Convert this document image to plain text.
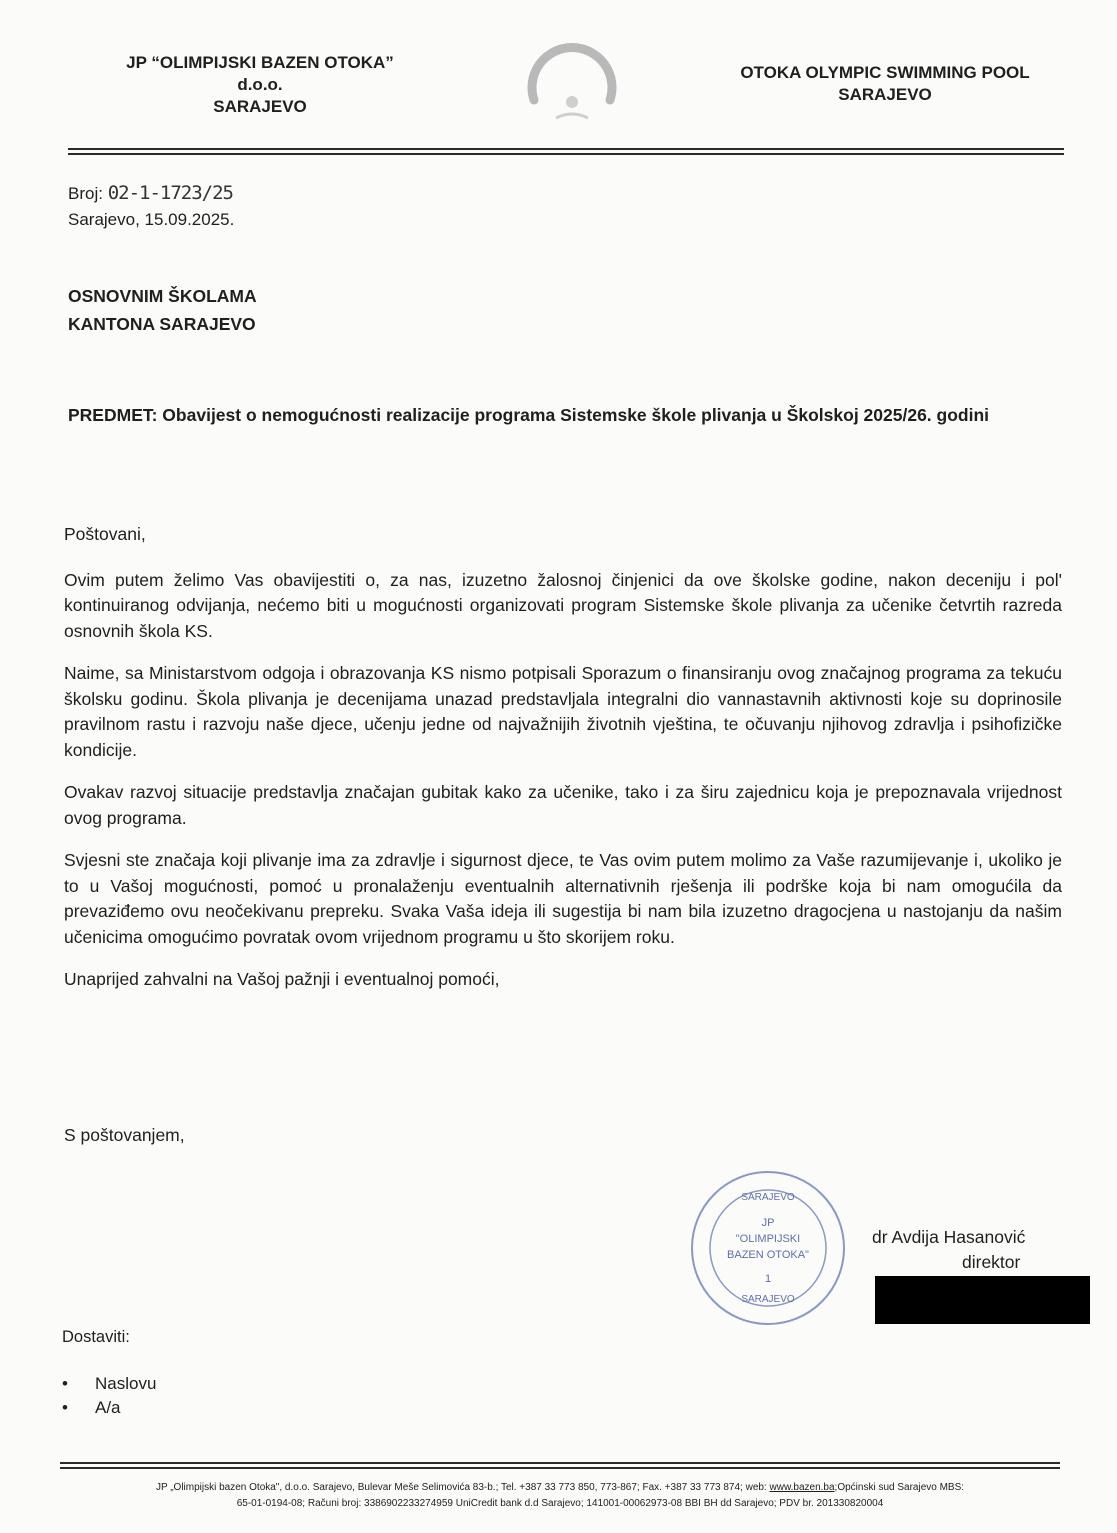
JP “OLIMPIJSKI BAZEN OTOKA”
d.o.o.
SARAJEVO
OTOKA OLYMPIC SWIMMING POOL
SARAJEVO
Broj: 02-1-1723/25
Sarajevo, 15.09.2025.
OSNOVNIM ŠKOLAMA
KANTONA SARAJEVO
PREDMET: Obavijest o nemogućnosti realizacije programa Sistemske škole plivanja u Školskoj 2025/26. godini

Poštovani,

Ovim putem želimo Vas obavijestiti o, za nas, izuzetno žalosnoj činjenici da ove školske godine, nakon deceniju i pol' kontinuiranog odvijanja, nećemo biti u mogućnosti organizovati program Sistemske škole plivanja za učenike četvrtih razreda osnovnih škola KS.

Naime, sa Ministarstvom odgoja i obrazovanja KS nismo potpisali Sporazum o finansiranju ovog značajnog programa za tekuću školsku godinu. Škola plivanja je decenijama unazad predstavljala integralni dio vannastavnih aktivnosti koje su doprinosile pravilnom rastu i razvoju naše djece, učenju jedne od najvažnijih životnih vještina, te očuvanju njihovog zdravlja i psihofizičke kondicije.

Ovakav razvoj situacije predstavlja značajan gubitak kako za učenike, tako i za širu zajednicu koja je prepoznavala vrijednost ovog programa.

Svjesni ste značaja koji plivanje ima za zdravlje i sigurnost djece, te Vas ovim putem molimo za Vaše razumijevanje i, ukoliko je to u Vašoj mogućnosti, pomoć u pronalaženju eventualnih alternativnih rješenja ili podrške koja bi nam omogućila da prevaziđemo ovu neočekivanu prepreku. Svaka Vaša ideja ili sugestija bi nam bila izuzetno dragocjena u nastojanju da našim učenicima omogućimo povratak ovom vrijednom programu u što skorijem roku.

Unaprijed zahvalni na Vašoj pažnji i eventualnoj pomoći,

S poštovanjem,
SARAJEVO
JP
"OLIMPIJSKI
BAZEN OTOKA"
1
SARAJEVO
dr Avdija Hasanović
direktor
Dostaviti:
•	Naslovu
•	A/a
JP „Olimpijski bazen Otoka", d.o.o. Sarajevo, Bulevar Meše Selimovića 83-b.; Tel. +387 33 773 850, 773-867; Fax. +387 33 773 874; web: www.bazen.ba;Općinski sud Sarajevo MBS:
65-01-0194-08; Računi broj: 3386902233274959 UniCredit bank d.d Sarajevo; 141001-00062973-08 BBI BH dd Sarajevo; PDV br. 201330820004
